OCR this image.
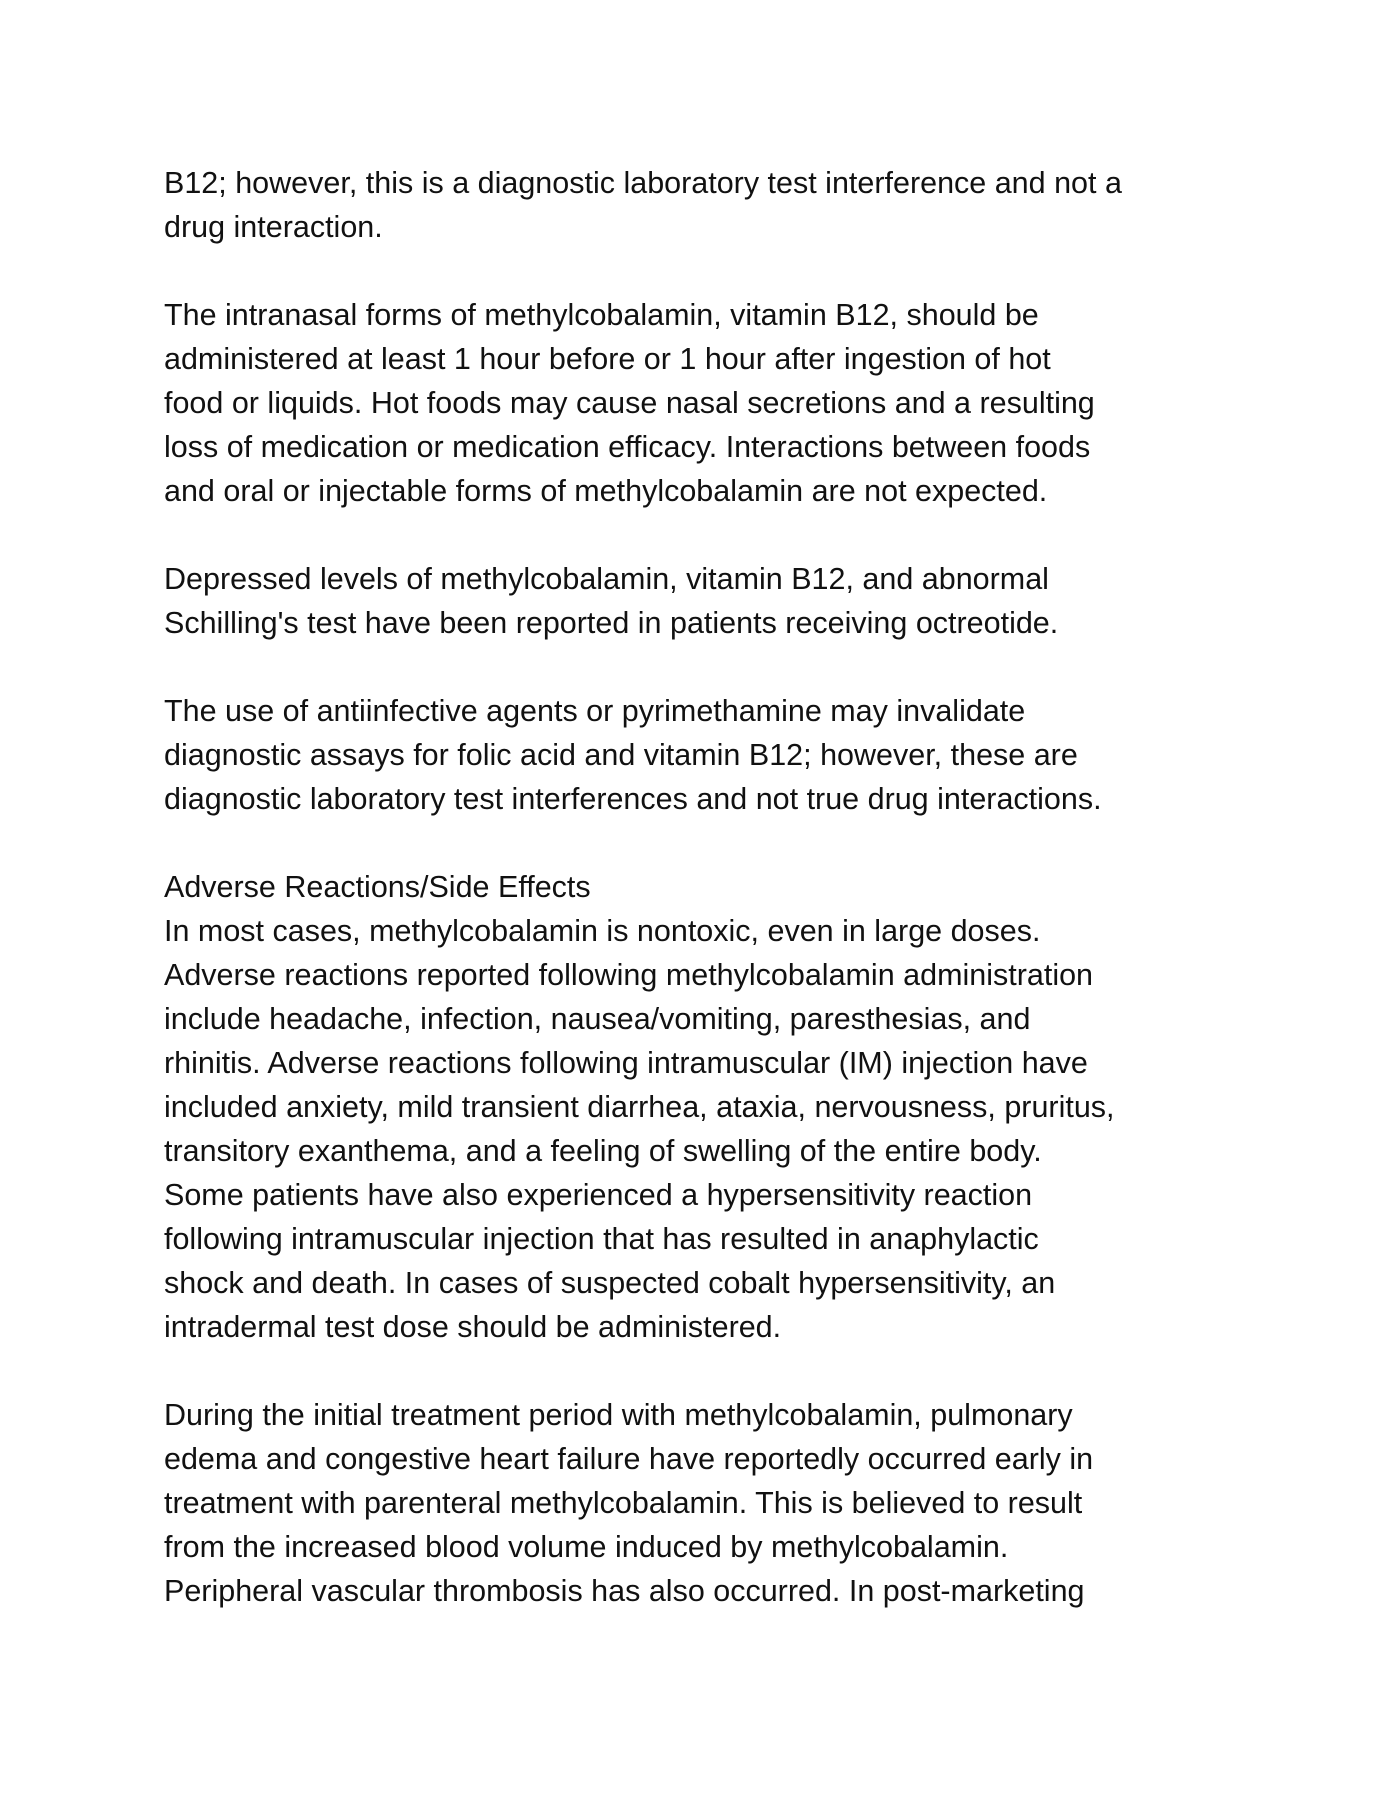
B12; however, this is a diagnostic laboratory test interference and not a
drug interaction.
The intranasal forms of methylcobalamin, vitamin B12, should be
administered at least 1 hour before or 1 hour after ingestion of hot
food or liquids. Hot foods may cause nasal secretions and a resulting
loss of medication or medication efficacy. Interactions between foods
and oral or injectable forms of methylcobalamin are not expected.
Depressed levels of methylcobalamin, vitamin B12, and abnormal
Schilling's test have been reported in patients receiving octreotide.
The use of antiinfective agents or pyrimethamine may invalidate
diagnostic assays for folic acid and vitamin B12; however, these are
diagnostic laboratory test interferences and not true drug interactions.
Adverse Reactions/Side Effects
In most cases, methylcobalamin is nontoxic, even in large doses.
Adverse reactions reported following methylcobalamin administration
include headache, infection, nausea/vomiting, paresthesias, and
rhinitis. Adverse reactions following intramuscular (IM) injection have
included anxiety, mild transient diarrhea, ataxia, nervousness, pruritus,
transitory exanthema, and a feeling of swelling of the entire body.
Some patients have also experienced a hypersensitivity reaction
following intramuscular injection that has resulted in anaphylactic
shock and death. In cases of suspected cobalt hypersensitivity, an
intradermal test dose should be administered.
During the initial treatment period with methylcobalamin, pulmonary
edema and congestive heart failure have reportedly occurred early in
treatment with parenteral methylcobalamin. This is believed to result
from the increased blood volume induced by methylcobalamin.
Peripheral vascular thrombosis has also occurred. In post-marketing
